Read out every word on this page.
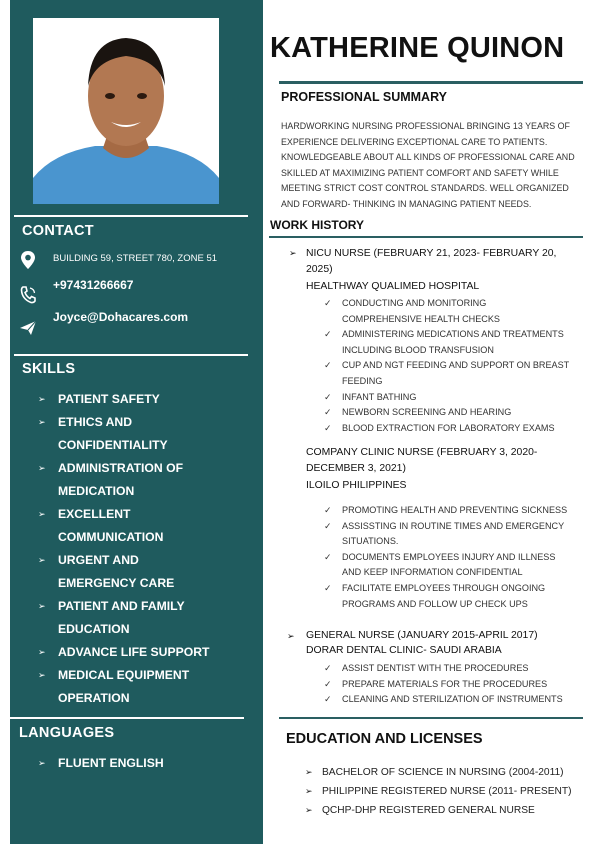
CONTACT
BUILDING 59, STREET 780, ZONE 51
+97431266667
Joyce@Dohacares.com
SKILLS
➢ PATIENT SAFETY
➢ ETHICS AND
CONFIDENTIALITY
➢ ADMINISTRATION OF
MEDICATION
➢ EXCELLENT
COMMUNICATION
➢ URGENT AND
EMERGENCY CARE
➢ PATIENT AND FAMILY
EDUCATION
➢ ADVANCE LIFE SUPPORT
➢ MEDICAL EQUIPMENT
OPERATION
LANGUAGES
➢ FLUENT ENGLISH
KATHERINE QUINON
PROFESSIONAL SUMMARY
HARDWORKING NURSING PROFESSIONAL BRINGING 13 YEARS OF EXPERIENCE DELIVERING EXCEPTIONAL CARE TO PATIENTS. KNOWLEDGEABLE ABOUT ALL KINDS OF PROFESSIONAL CARE AND SKILLED AT MAXIMIZING PATIENT COMFORT AND SAFETY WHILE MEETING STRICT COST CONTROL STANDARDS. WELL ORGANIZED AND FORWARD- THINKING IN MANAGING PATIENT NEEDS.
WORK HISTORY
➢ NICU NURSE (FEBRUARY 21, 2023- FEBRUARY 20,
2025)
HEALTHWAY QUALIMED HOSPITAL
✓ CONDUCTING AND MONITORING
COMPREHENSIVE HEALTH CHECKS
✓ ADMINISTERING MEDICATIONS AND TREATMENTS
INCLUDING BLOOD TRANSFUSION
✓ CUP AND NGT FEEDING AND SUPPORT ON BREAST
FEEDING
✓ INFANT BATHING
✓ NEWBORN SCREENING AND HEARING
✓ BLOOD EXTRACTION FOR LABORATORY EXAMS
COMPANY CLINIC NURSE (FEBRUARY 3, 2020-
DECEMBER 3, 2021)
ILOILO PHILIPPINES
✓ PROMOTING HEALTH AND PREVENTING SICKNESS
✓ ASSISSTING IN ROUTINE TIMES AND EMERGENCY
SITUATIONS.
✓ DOCUMENTS EMPLOYEES INJURY AND ILLNESS
AND KEEP INFORMATION CONFIDENTIAL
✓ FACILITATE EMPLOYEES THROUGH ONGOING
PROGRAMS AND FOLLOW UP CHECK UPS
➢ GENERAL NURSE (JANUARY 2015-APRIL 2017)
DORAR DENTAL CLINIC- SAUDI ARABIA
✓ ASSIST DENTIST WITH THE PROCEDURES
✓ PREPARE MATERIALS FOR THE PROCEDURES
✓ CLEANING AND STERILIZATION OF INSTRUMENTS
EDUCATION AND LICENSES
➢ BACHELOR OF SCIENCE IN NURSING (2004-2011)
➢ PHILIPPINE REGISTERED NURSE (2011- PRESENT)
➢ QCHP-DHP REGISTERED GENERAL NURSE
